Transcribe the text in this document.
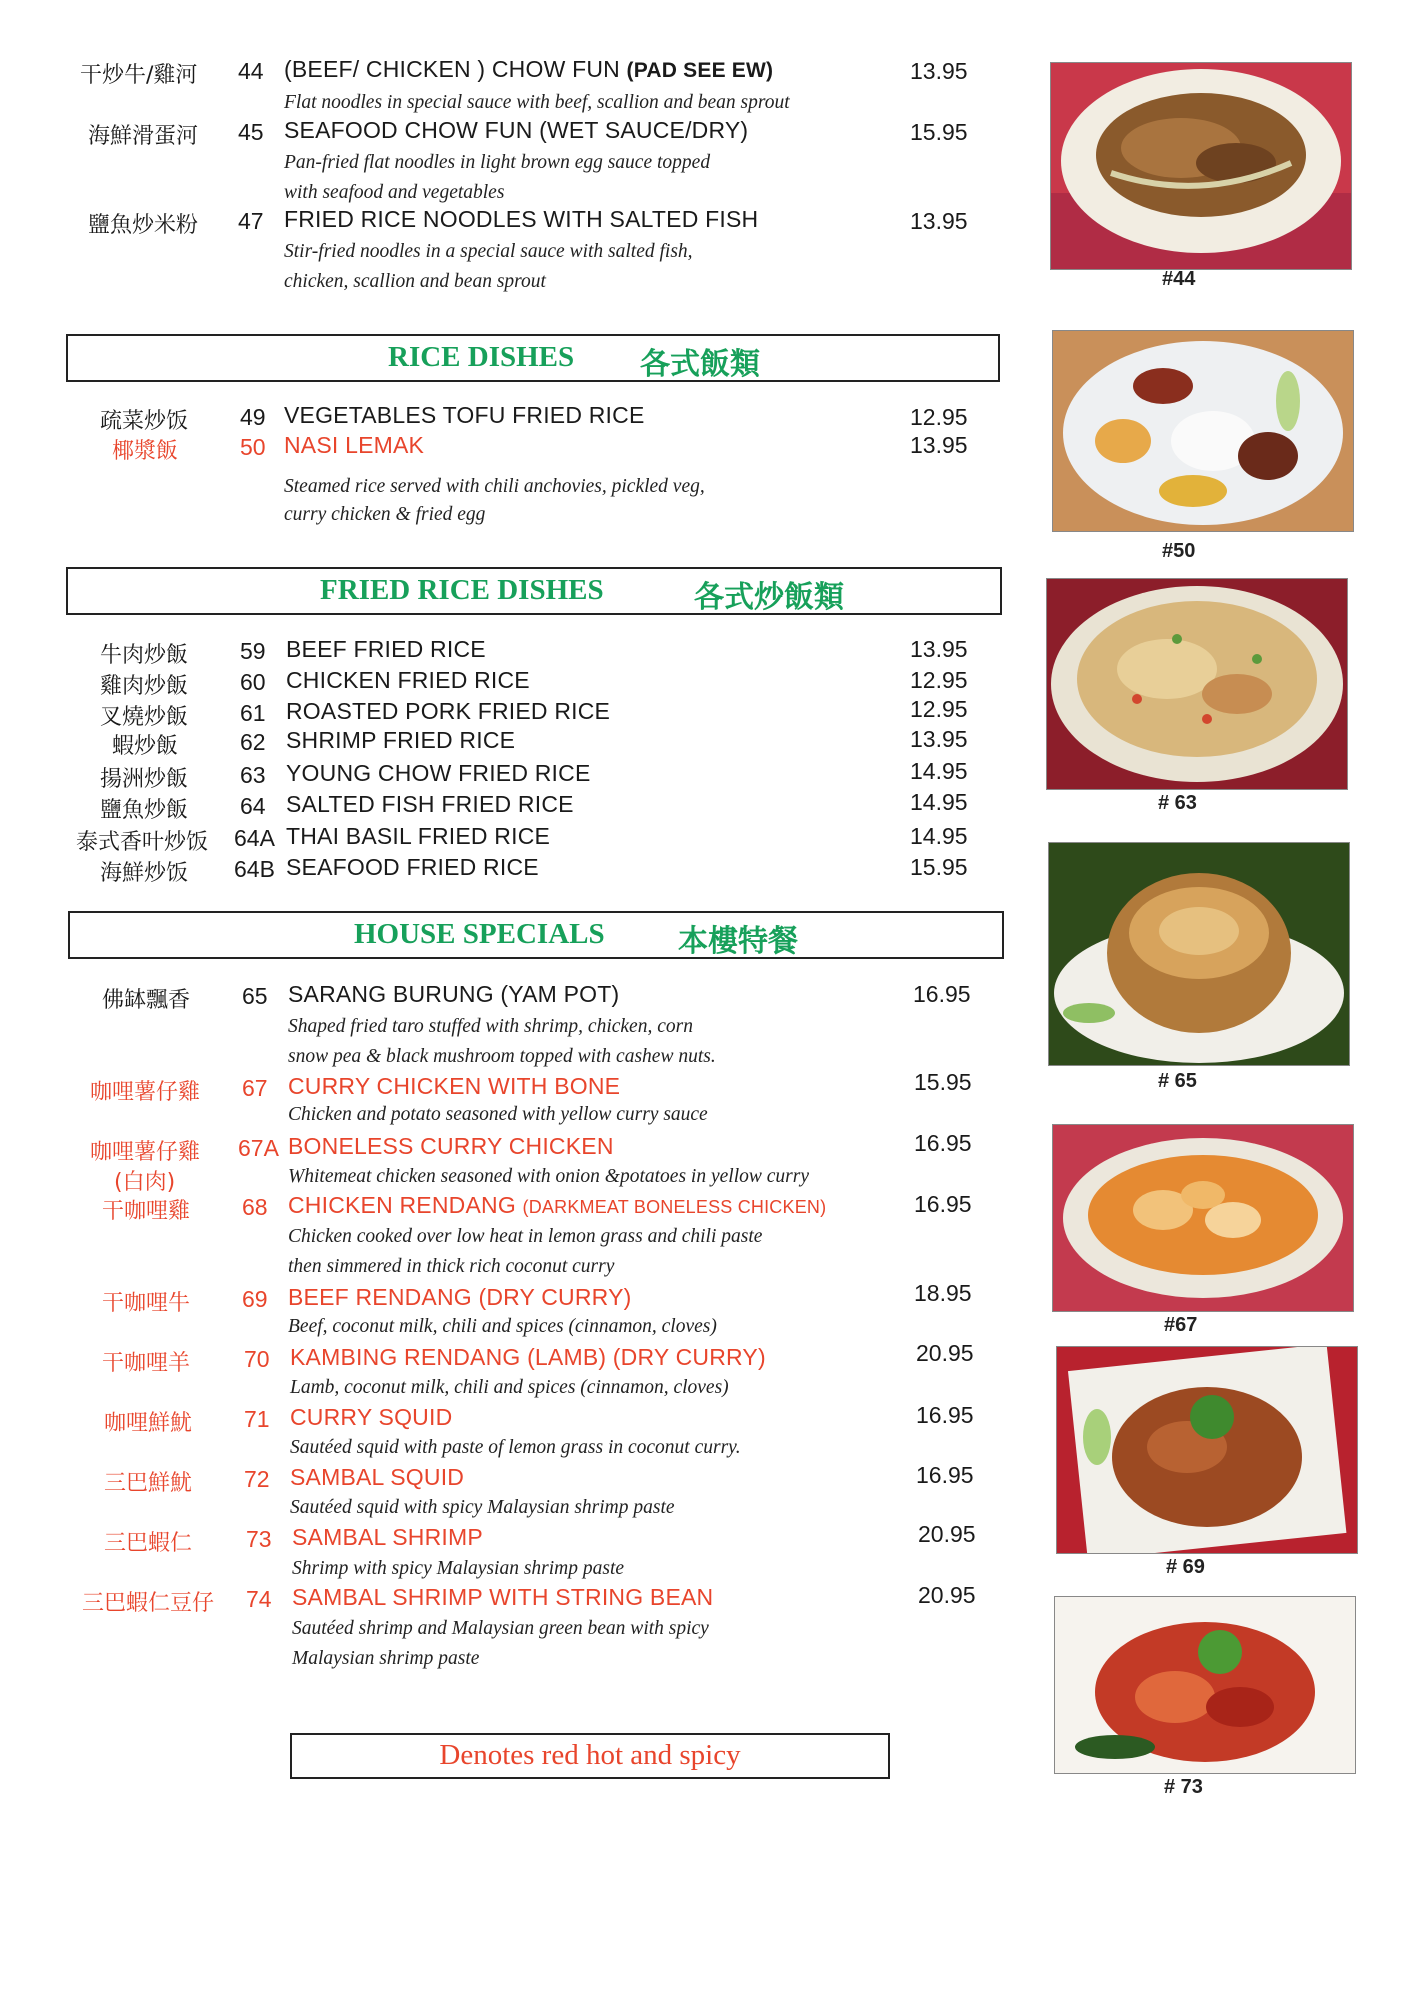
干炒牛/雞河 44 (BEEF/ CHICKEN ) CHOW FUN (PAD SEE EW)	13.95
Flat noodles in special sauce with beef, scallion and bean sprout
海鮮滑蛋河 45 SEAFOOD CHOW FUN (WET SAUCE/DRY)	15.95
Pan-fried flat noodles in light brown egg sauce topped
with seafood and vegetables
鹽魚炒米粉 47 FRIED RICE NOODLES WITH SALTED FISH	13.95
Stir-fried noodles in a special sauce with salted fish,
chicken, scallion and bean sprout
RICE DISHES 各式飯類
疏菜炒饭 49 VEGETABLES TOFU FRIED RICE	12.95
椰漿飯	50 NASI LEMAK	13.95
Steamed rice served with chili anchovies, pickled veg,
curry chicken & fried egg
FRIED RICE DISHES	各式炒飯類
牛肉炒飯 59 BEEF FRIED RICE	13.95
雞肉炒飯 60 CHICKEN FRIED RICE	12.95
叉燒炒飯 61 ROASTED PORK FRIED RICE	12.95
蝦炒飯	62 SHRIMP FRIED RICE	13.95
揚洲炒飯 63 YOUNG CHOW FRIED RICE	14.95
鹽魚炒飯 64 SALTED FISH FRIED RICE	14.95
泰式香叶炒饭 64A THAI BASIL FRIED RICE	14.95
海鮮炒饭 64B SEAFOOD FRIED RICE	15.95
HOUSE SPECIALS 本樓特餐
佛缽飄香 65 SARANG BURUNG (YAM POT)	16.95
Shaped fried taro stuffed with shrimp, chicken, corn
snow pea & black mushroom topped with cashew nuts.
咖哩薯仔雞 67 CURRY CHICKEN WITH BONE	15.95
Chicken and potato seasoned with yellow curry sauce
咖哩薯仔雞
(白肉)
67A BONELESS CURRY CHICKEN	16.95
Whitemeat chicken seasoned with onion &potatoes in yellow curry
干咖哩雞 68 CHICKEN RENDANG (DARKMEAT BONELESS CHICKEN)	16.95
Chicken cooked over low heat in lemon grass and chili paste
then simmered in thick rich coconut curry
干咖哩牛 69 BEEF RENDANG (DRY CURRY)	18.95
Beef, coconut milk, chili and spices (cinnamon, cloves)
干咖哩羊 70 KAMBING RENDANG (LAMB) (DRY CURRY)	20.95
Lamb, coconut milk, chili and spices (cinnamon, cloves)
咖哩鮮魷 71 CURRY SQUID	16.95
Sautéed squid with paste of lemon grass in coconut curry.
三巴鮮魷 72 SAMBAL SQUID	16.95
Sautéed squid with spicy Malaysian shrimp paste
三巴蝦仁 73 SAMBAL SHRIMP	20.95
Shrimp with spicy Malaysian shrimp paste
三巴蝦仁豆仔 74 SAMBAL SHRIMP WITH STRING BEAN	20.95
Sautéed shrimp and Malaysian green bean with spicy
Malaysian shrimp paste
Denotes red hot and spicy
#44
#50
# 63
# 65
#67
# 69
# 73
